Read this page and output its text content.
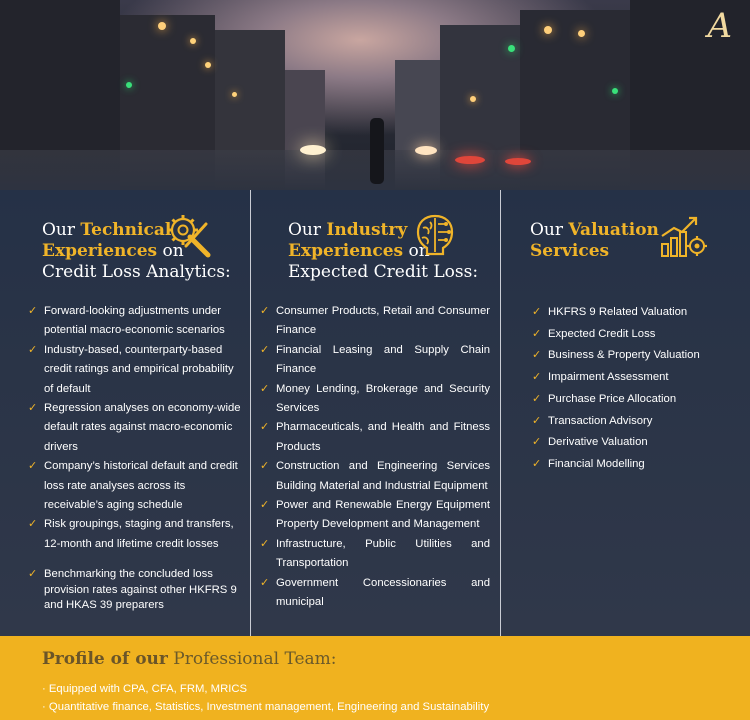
A
Our Technical
Experiences on
Credit Loss Analytics:
✓ Forward-looking adjustments under potential macro-economic scenarios
✓ Industry-based, counterparty-based credit ratings and empirical probability of default
✓ Regression analyses on economy-wide default rates against macro-economic drivers
✓ Company’s historical default and credit loss rate analyses across its receivable’s aging schedule
✓ Risk groupings, staging and transfers, 12-month and lifetime credit losses
✓ Benchmarking the concluded loss provision rates against other HKFRS 9 and HKAS 39 preparers
Our Industry
Experiences on
Expected Credit Loss:
✓ Consumer Products, Retail and Consumer Finance
✓ Financial Leasing and Supply Chain Finance
✓ Money Lending, Brokerage and Security Services
✓ Pharmaceuticals, and Health and Fitness Products
✓ Construction and Engineering Services Building Material and Industrial Equipment
✓ Power and Renewable Energy Equipment Property Development and Management
✓ Infrastructure, Public Utilities and Transportation
✓ Government Concessionaries and municipal
Our Valuation
Services
✓ HKFRS 9 Related Valuation
✓ Expected Credit Loss
✓ Business & Property Valuation
✓ Impairment Assessment
✓ Purchase Price Allocation
✓ Transaction Advisory
✓ Derivative Valuation
✓ Financial Modelling
Profile of our Professional Team:
· Equipped with CPA, CFA, FRM, MRICS
· Quantitative finance, Statistics, Investment management, Engineering and Sustainability
